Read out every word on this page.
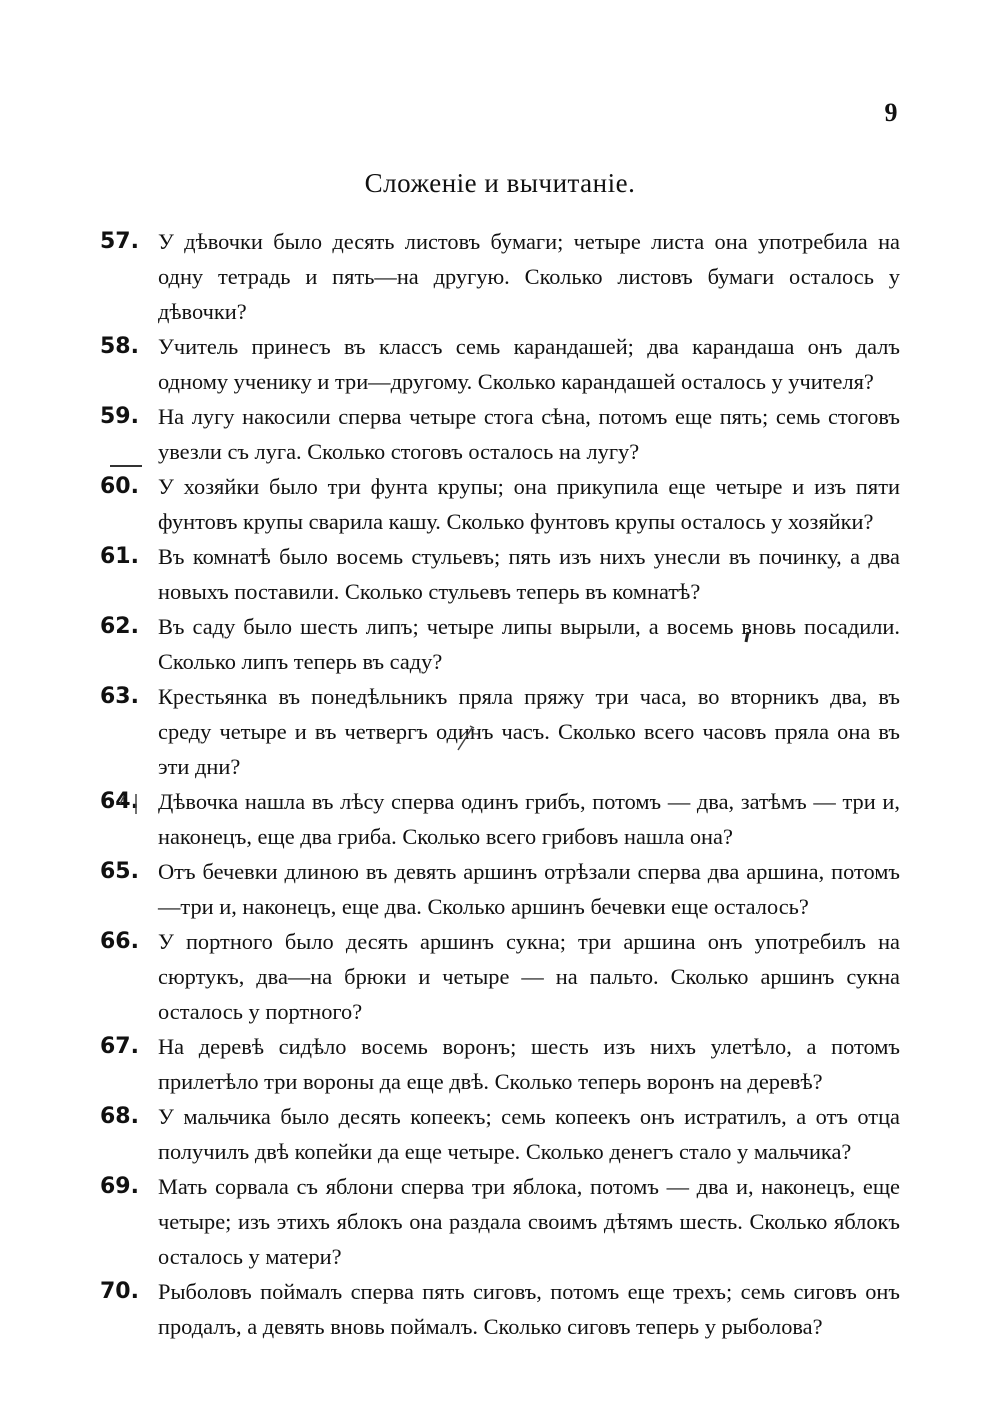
9
Сложенiе и вычитанiе.
57. У дѣвочки было десять листовъ бумаги; четыре листа она употребила на одну тетрадь и пять—на другую. Сколько листовъ бумаги осталось у дѣвочки?
58. Учитель принесъ въ классъ семь карандашей; два карандаша онъ далъ одному ученику и три—другому. Сколько карандашей осталось у учителя?
59. На лугу накосили сперва четыре стога сѣна, потомъ еще пять; семь стоговъ увезли съ луга. Сколько стоговъ осталось на лугу?
60. У хозяйки было три фунта крупы; она прикупила еще четыре и изъ пяти фунтовъ крупы сварила кашу. Сколько фунтовъ крупы осталось у хозяйки?
61. Въ комнатѣ было восемь стульевъ; пять изъ нихъ унесли въ починку, а два новыхъ поставили. Сколько стульевъ теперь въ комнатѣ?
62. Въ саду было шесть липъ; четыре липы вырыли, а восемь вновь посадили. Сколько липъ теперь въ саду?
63. Крестьянка въ понедѣльникъ пряла пряжу три часа, во вторникъ два, въ среду четыре и въ четвергъ одинъ часъ. Сколько всего часовъ пряла она въ эти дни?
64. Дѣвочка нашла въ лѣсу сперва одинъ грибъ, потомъ — два, затѣмъ — три и, наконецъ, еще два гриба. Сколько всего грибовъ нашла она?
65. Отъ бечевки длиною въ девять аршинъ отрѣзали сперва два аршина, потомъ—три и, наконецъ, еще два. Сколько аршинъ бечевки еще осталось?
66. У портного было десять аршинъ сукна; три аршина онъ употребилъ на сюртукъ, два—на брюки и четыре — на пальто. Сколько аршинъ сукна осталось у портного?
67. На деревѣ сидѣло восемь воронъ; шесть изъ нихъ улетѣло, а потомъ прилетѣло три вороны да еще двѣ. Сколько теперь воронъ на деревѣ?
68. У мальчика было десять копеекъ; семь копеекъ онъ истратилъ, а отъ отца получилъ двѣ копейки да еще четыре. Сколько денегъ стало у мальчика?
69. Мать сорвала съ яблони сперва три яблока, потомъ — два и, наконецъ, еще четыре; изъ этихъ яблокъ она раздала своимъ дѣтямъ шесть. Сколько яблокъ осталось у матери?
70. Рыболовъ поймалъ сперва пять сиговъ, потомъ еще трехъ; семь сиговъ онъ продалъ, а девять вновь поймалъ. Сколько сиговъ теперь у рыболова?
